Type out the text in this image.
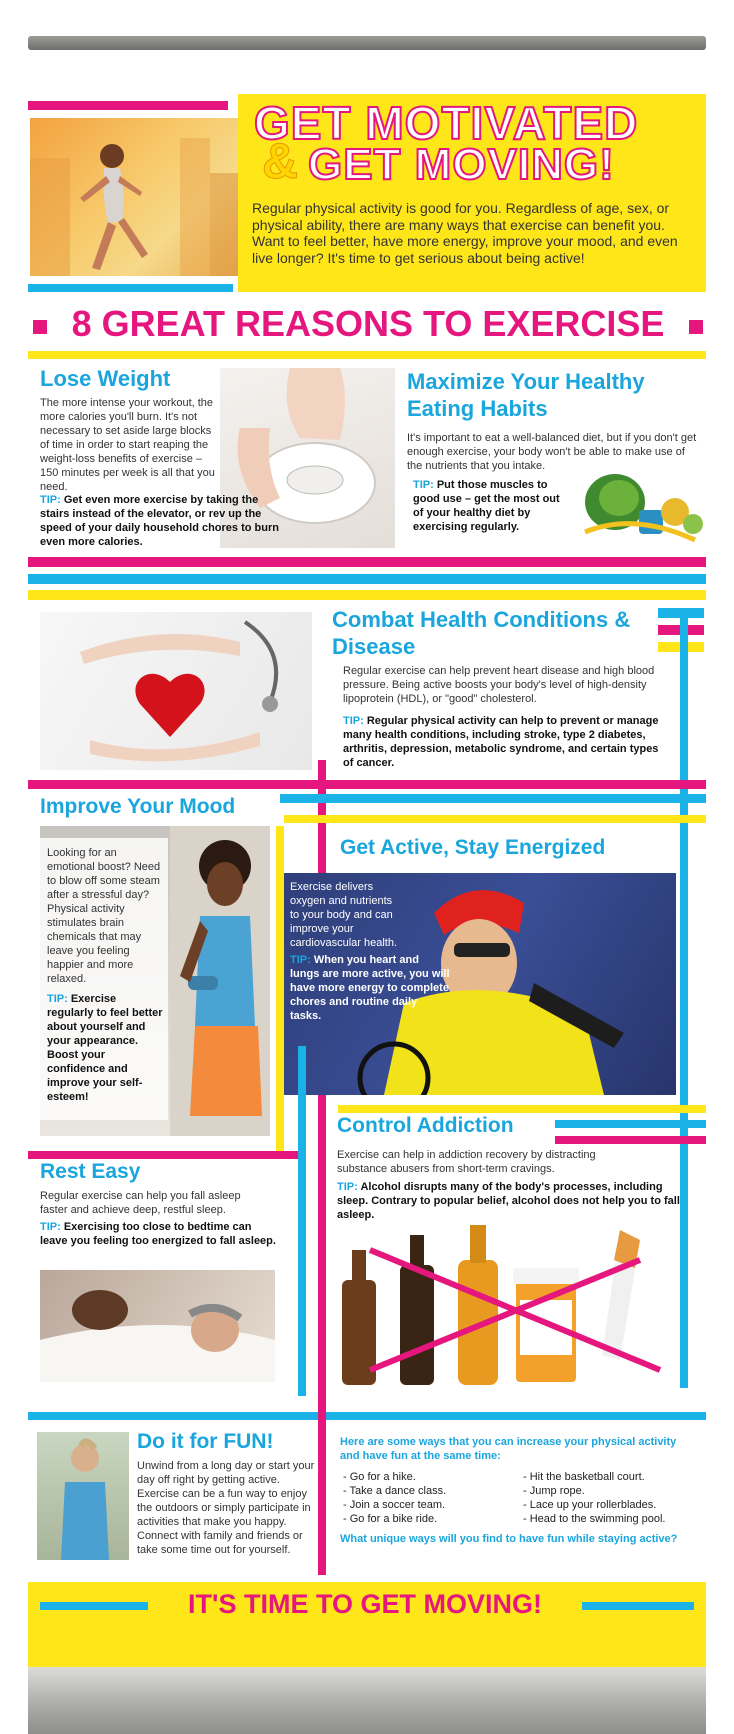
GET MOTIVATED
& GET MOVING!

Regular physical activity is good for you. Regardless of age, sex, or physical ability, there are many ways that exercise can benefit you. Want to feel better, have more energy, improve your mood, and even live longer? It's time to get serious about being active!

8 GREAT REASONS TO EXERCISE
Lose Weight

The more intense your workout, the more calories you'll burn. It's not necessary to set aside large blocks of time in order to start reaping the weight-loss benefits of exercise – 150 minutes per week is all that you need.

TIP: Get even more exercise by taking the stairs instead of the elevator, or rev up the speed of your daily household chores to burn even more calories.

Maximize Your Healthy Eating Habits

It's important to eat a well-balanced diet, but if you don't get enough exercise, your body won't be able to make use of the nutrients that you intake.

TIP: Put those muscles to good use – get the most out of your healthy diet by exercising regularly.

Combat Health Conditions & Disease

Regular exercise can help prevent heart disease and high blood pressure. Being active boosts your body's level of high-density lipoprotein (HDL), or "good" cholesterol.

TIP: Regular physical activity can help to prevent or manage many health conditions, including stroke, type 2 diabetes, arthritis, depression, metabolic syndrome, and certain types of cancer.

Improve Your Mood

Looking for an emotional boost? Need to blow off some steam after a stressful day? Physical activity stimulates brain chemicals that may leave you feeling happier and more relaxed.

TIP: Exercise regularly to feel better about yourself and your appearance. Boost your confidence and improve your self-esteem!

Get Active, Stay Energized

Exercise delivers oxygen and nutrients to your body and can improve your cardiovascular health.

TIP: When you heart and lungs are more active, you will have more energy to complete chores and routine daily tasks.

Control Addiction

Exercise can help in addiction recovery by distracting substance abusers from short-term cravings.

TIP: Alcohol disrupts many of the body's processes, including sleep. Contrary to popular belief, alcohol does not help you to fall asleep.

Rest Easy

Regular exercise can help you fall asleep faster and achieve deep, restful sleep.

TIP: Exercising too close to bedtime can leave you feeling too energized to fall asleep.

Do it for FUN!

Unwind from a long day or start your day off right by getting active. Exercise can be a fun way to enjoy the outdoors or simply participate in activities that make you happy. Connect with family and friends or take some time out for yourself.

Here are some ways that you can increase your physical activity and have fun at the same time:

- Go for a hike.
- Take a dance class.
- Join a soccer team.
- Go for a bike ride.
- Hit the basketball court.
- Jump rope.
- Lace up your rollerblades.
- Head to the swimming pool.

What unique ways will you find to have fun while staying active?

IT'S TIME TO GET MOVING!
